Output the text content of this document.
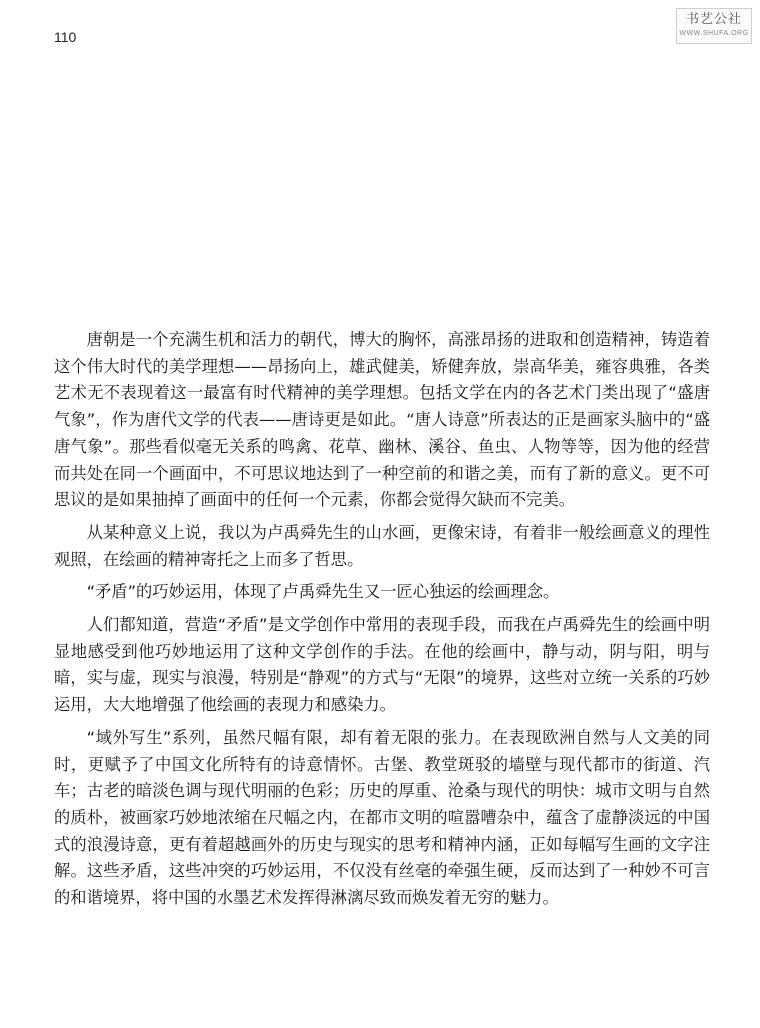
110
书艺公社
WWW.SHUFA.ORG

唐朝是一个充满生机和活力的朝代，博大的胸怀，高涨昂扬的进取和创造精神，铸造着这个伟大时代的美学理想——昂扬向上，雄武健美，矫健奔放，崇高华美，雍容典雅，各类艺术无不表现着这一最富有时代精神的美学理想。包括文学在内的各艺术门类出现了“盛唐气象”，作为唐代文学的代表——唐诗更是如此。“唐人诗意”所表达的正是画家头脑中的“盛唐气象”。那些看似毫无关系的鸣禽、花草、幽林、溪谷、鱼虫、人物等等，因为他的经营而共处在同一个画面中，不可思议地达到了一种空前的和谐之美，而有了新的意义。更不可思议的是如果抽掉了画面中的任何一个元素，你都会觉得欠缺而不完美。

从某种意义上说，我以为卢禹舜先生的山水画，更像宋诗，有着非一般绘画意义的理性观照，在绘画的精神寄托之上而多了哲思。

“矛盾”的巧妙运用，体现了卢禹舜先生又一匠心独运的绘画理念。

人们都知道，营造“矛盾”是文学创作中常用的表现手段，而我在卢禹舜先生的绘画中明显地感受到他巧妙地运用了这种文学创作的手法。在他的绘画中，静与动，阴与阳，明与暗，实与虚，现实与浪漫，特别是“静观”的方式与“无限”的境界，这些对立统一关系的巧妙运用，大大地增强了他绘画的表现力和感染力。

“域外写生”系列，虽然尺幅有限，却有着无限的张力。在表现欧洲自然与人文美的同时，更赋予了中国文化所特有的诗意情怀。古堡、教堂斑驳的墙壁与现代都市的街道、汽车；古老的暗淡色调与现代明丽的色彩；历史的厚重、沧桑与现代的明快：城市文明与自然的质朴，被画家巧妙地浓缩在尺幅之内，在都市文明的喧嚣嘈杂中，蕴含了虚静淡远的中国式的浪漫诗意，更有着超越画外的历史与现实的思考和精神内涵，正如每幅写生画的文字注解。这些矛盾，这些冲突的巧妙运用，不仅没有丝毫的牵强生硬，反而达到了一种妙不可言的和谐境界，将中国的水墨艺术发挥得淋漓尽致而焕发着无穷的魅力。
